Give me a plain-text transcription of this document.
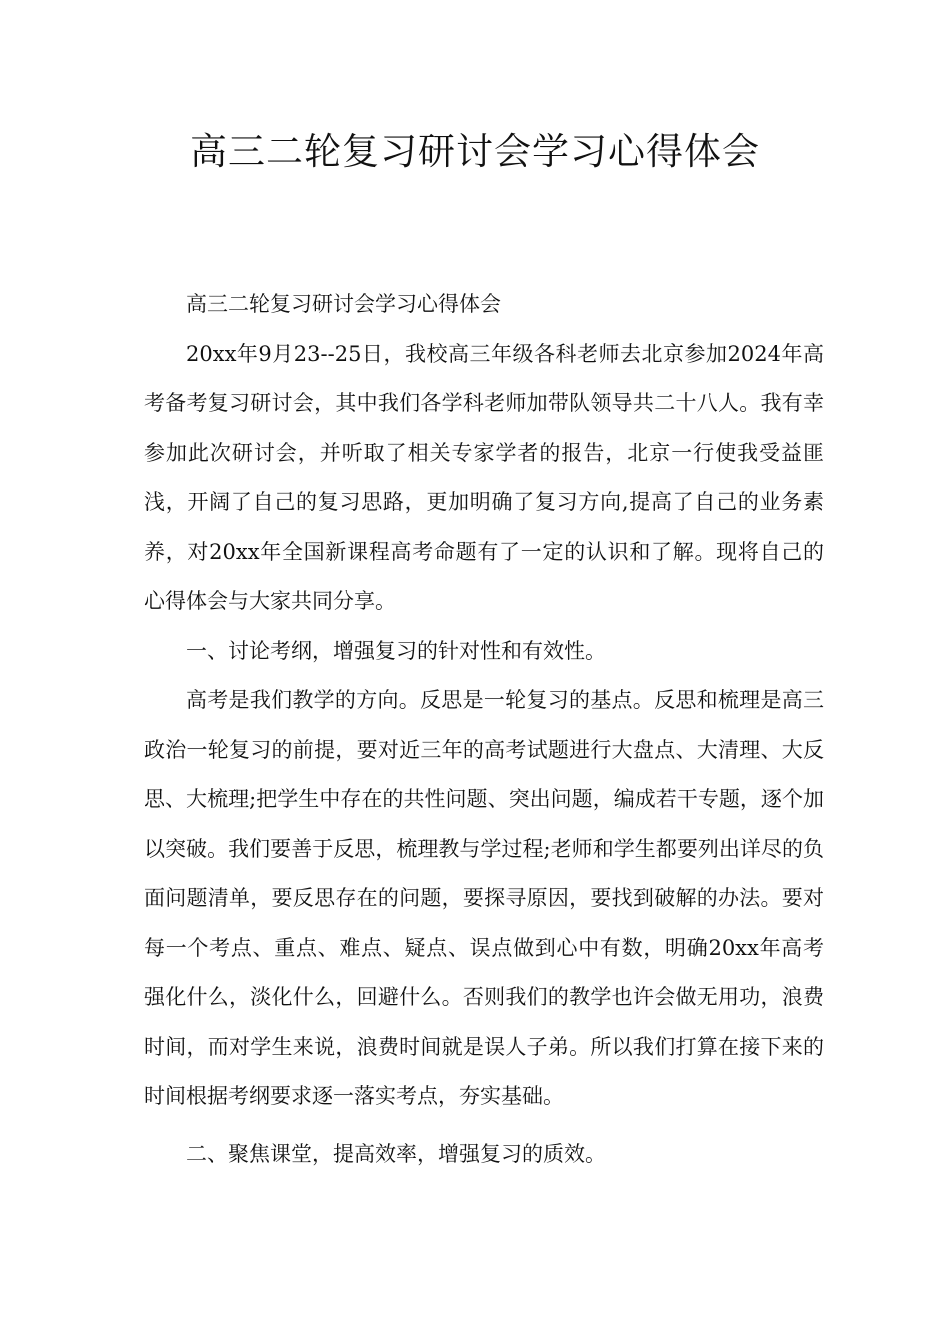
高三二轮复习研讨会学习心得体会

高三二轮复习研讨会学习心得体会

20xx年9月23--25日，我校高三年级各科老师去北京参加2024年高考备考复习研讨会，其中我们各学科老师加带队领导共二十八人。我有幸参加此次研讨会，并听取了相关专家学者的报告，北京一行使我受益匪浅，开阔了自己的复习思路，更加明确了复习方向,提高了自己的业务素养，对20xx年全国新课程高考命题有了一定的认识和了解。现将自己的心得体会与大家共同分享。

一、讨论考纲，增强复习的针对性和有效性。

高考是我们教学的方向。反思是一轮复习的基点。反思和梳理是高三政治一轮复习的前提，要对近三年的高考试题进行大盘点、大清理、大反思、大梳理;把学生中存在的共性问题、突出问题，编成若干专题，逐个加以突破。我们要善于反思，梳理教与学过程;老师和学生都要列出详尽的负面问题清单，要反思存在的问题，要探寻原因，要找到破解的办法。要对每一个考点、重点、难点、疑点、误点做到心中有数，明确20xx年高考强化什么，淡化什么，回避什么。否则我们的教学也许会做无用功，浪费时间，而对学生来说，浪费时间就是误人子弟。所以我们打算在接下来的时间根据考纲要求逐一落实考点，夯实基础。

二、聚焦课堂，提高效率，增强复习的质效。
